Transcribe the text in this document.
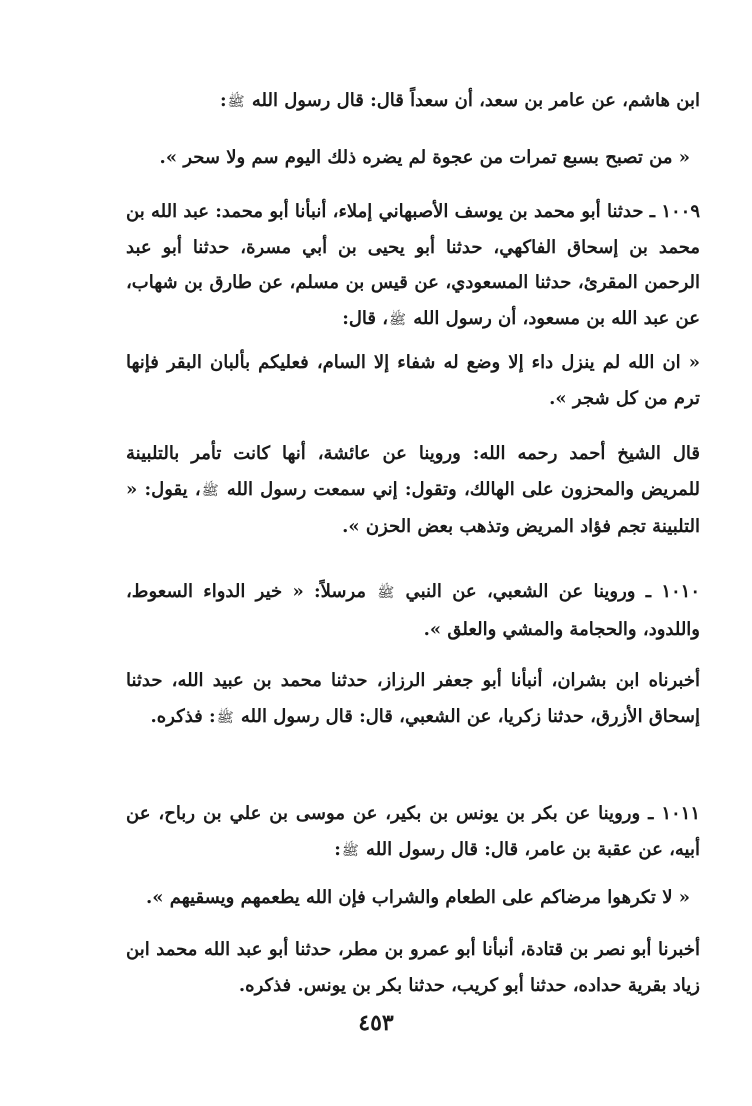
ابن هاشم، عن عامر بن سعد، أن سعداً قال: قال رسول الله ﷺ:

« من تصبح بسبع تمرات من عجوة لم يضره ذلك اليوم سم ولا سحر ».

١٠٠٩ ـ حدثنا أبو محمد بن يوسف الأصبهاني إملاء، أنبأنا أبو محمد: عبد الله بن محمد بن إسحاق الفاكهي، حدثنا أبو يحيى بن أبي مسرة، حدثنا أبو عبد الرحمن المقرئ، حدثنا المسعودي، عن قيس بن مسلم، عن طارق بن شهاب، عن عبد الله بن مسعود، أن رسول الله ﷺ، قال:

« ان الله لم ينزل داء إلا وضع له شفاء إلا السام، فعليكم بألبان البقر فإنها ترم من كل شجر ».

قال الشيخ أحمد رحمه الله: وروينا عن عائشة، أنها كانت تأمر بالتلبينة للمريض والمحزون على الهالك، وتقول: إني سمعت رسول الله ﷺ، يقول: « التلبينة تجم فؤاد المريض وتذهب بعض الحزن ».

١٠١٠ ـ وروينا عن الشعبي، عن النبي ﷺ مرسلاً: « خير الدواء السعوط، واللدود، والحجامة والمشي والعلق ».

أخبرناه ابن بشران، أنبأنا أبو جعفر الرزاز، حدثنا محمد بن عبيد الله، حدثنا إسحاق الأزرق، حدثنا زكريا، عن الشعبي، قال: قال رسول الله ﷺ: فذكره.

١٠١١ ـ وروينا عن بكر بن يونس بن بكير، عن موسى بن علي بن رباح، عن أبيه، عن عقبة بن عامر، قال: قال رسول الله ﷺ:

« لا تكرهوا مرضاكم على الطعام والشراب فإن الله يطعمهم ويسقيهم ».

أخبرنا أبو نصر بن قتادة، أنبأنا أبو عمرو بن مطر، حدثنا أبو عبد الله محمد ابن زياد بقرية حداده، حدثنا أبو كريب، حدثنا بكر بن يونس. فذكره.

٤٥٣
